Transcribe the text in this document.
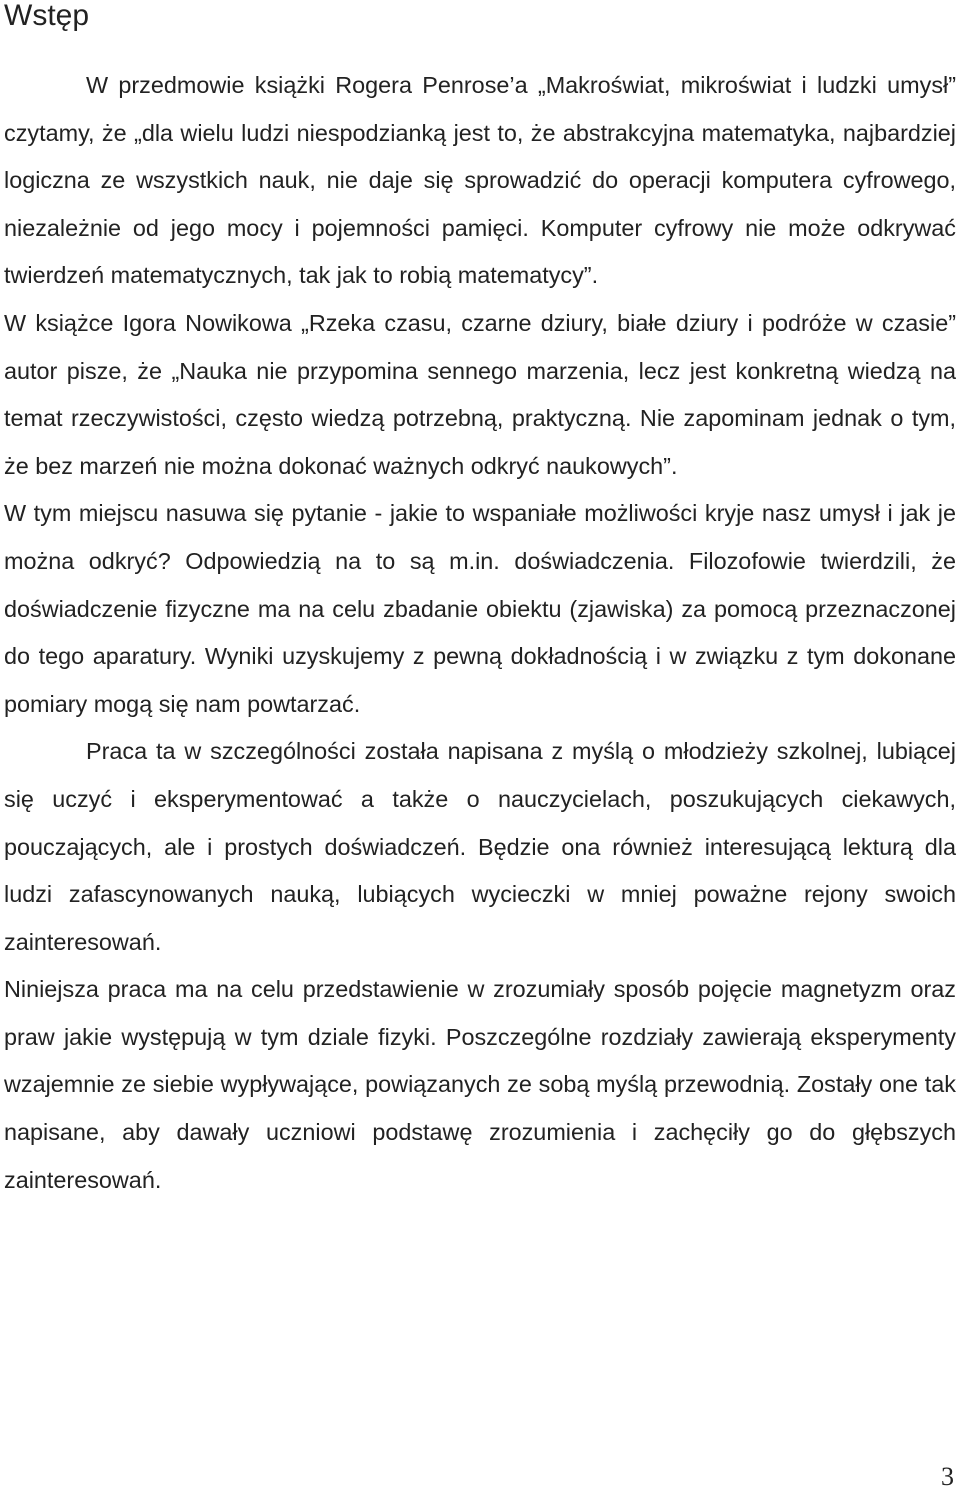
Wstęp

W przedmowie książki Rogera Penrose’a „Makroświat, mikroświat i ludzki umysł” czytamy, że „dla wielu ludzi niespodzianką jest to, że abstrakcyjna matematyka, najbardziej logiczna ze wszystkich nauk, nie daje się sprowadzić do operacji komputera cyfrowego, niezależnie od jego mocy i pojemności pamięci. Komputer cyfrowy nie może odkrywać twierdzeń matematycznych, tak jak to robią matematycy”.

W książce Igora Nowikowa „Rzeka czasu, czarne dziury, białe dziury i podróże w czasie” autor pisze, że „Nauka nie przypomina sennego marzenia, lecz jest konkretną wiedzą na temat rzeczywistości, często wiedzą potrzebną, praktyczną. Nie zapominam jednak o tym, że bez marzeń nie można dokonać ważnych odkryć naukowych”.

W tym miejscu nasuwa się pytanie - jakie to wspaniałe możliwości kryje nasz umysł i jak je można odkryć? Odpowiedzią na to są m.in. doświadczenia. Filozofowie twierdzili, że doświadczenie fizyczne ma na celu zbadanie obiektu (zjawiska) za pomocą przeznaczonej do tego aparatury. Wyniki uzyskujemy z pewną dokładnością i w związku z tym dokonane pomiary mogą się nam powtarzać.

Praca ta w szczególności została napisana z myślą o młodzieży szkolnej, lubiącej się uczyć i eksperymentować a także o nauczycielach, poszukujących ciekawych, pouczających, ale i prostych doświadczeń. Będzie ona również interesującą lekturą dla ludzi zafascynowanych nauką, lubiących wycieczki w mniej poważne rejony swoich zainteresowań.

Niniejsza praca ma na celu przedstawienie w zrozumiały sposób pojęcie magnetyzm oraz praw jakie występują w tym dziale fizyki. Poszczególne rozdziały zawierają eksperymenty wzajemnie ze siebie wypływające, powiązanych ze sobą myślą przewodnią. Zostały one tak napisane, aby dawały uczniowi podstawę zrozumienia i zachęciły go do głębszych zainteresowań.

3
